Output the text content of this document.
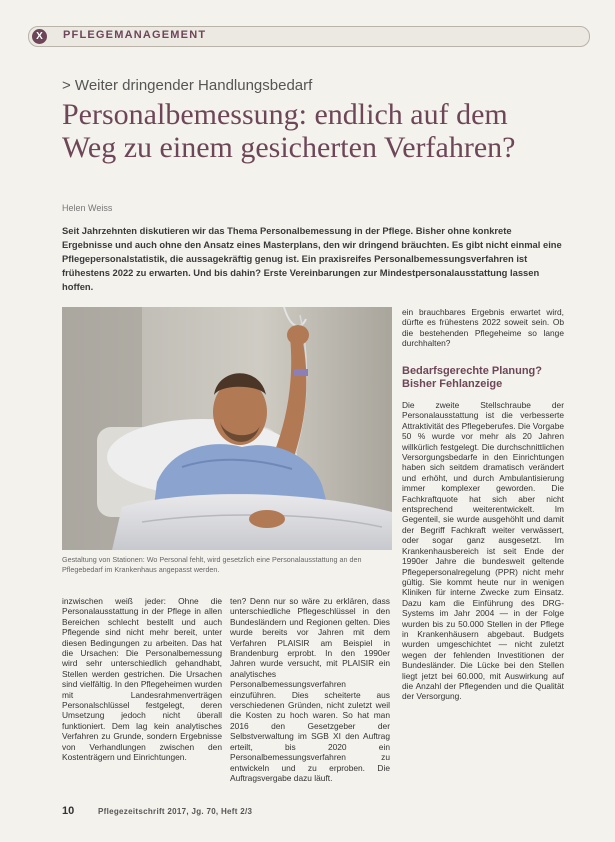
X	PFLEGEMANAGEMENT
> Weiter dringender Handlungsbedarf
Personalbemessung: endlich auf dem Weg zu einem gesicherten Verfahren?
Helen Weiss

Seit Jahrzehnten diskutieren wir das Thema Personalbemessung in der Pflege. Bisher ohne konkrete Ergebnisse und auch ohne den Ansatz eines Masterplans, den wir dringend bräuchten. Es gibt nicht einmal eine Pflegepersonalstatistik, die aussagekräftig genug ist. Ein praxisreifes Personalbemessungsverfahren ist frühestens 2022 zu erwarten. Und bis dahin? Erste Vereinbarungen zur Mindestpersonalausstattung lassen hoffen.

Gestaltung von Stationen: Wo Personal fehlt, wird gesetzlich eine Personalausstattung an den Pflegebedarf im Krankenhaus angepasst werden.

inzwischen weiß jeder: Ohne die Personalausstattung in der Pflege in allen Bereichen schlecht bestellt und auch Pflegende sind nicht mehr bereit, unter diesen Bedingungen zu arbeiten. Das hat die Ursachen: Die Personalbemessung wird sehr unterschiedlich gehandhabt, Stellen werden gestrichen. Die Ursachen sind vielfältig. In den Pflegeheimen wurden mit Landesrahmenverträgen Personalschlüssel festgelegt, deren Umsetzung jedoch nicht überall funktioniert. Dem lag kein analytisches Verfahren zu Grunde, sondern Ergebnisse von Verhandlungen zwischen den Kostenträgern und Einrichtungen.

ten? Denn nur so wäre zu erklären, dass unterschiedliche Pflegeschlüssel in den Bundesländern und Regionen gelten. Dies wurde bereits vor Jahren mit dem Verfahren PLAISIR am Beispiel in Brandenburg erprobt. In den 1990er Jahren wurde versucht, mit PLAISIR ein analytisches Personalbemessungsverfahren einzuführen. Dies scheiterte aus verschiedenen Gründen, nicht zuletzt weil die Kosten zu hoch waren. So hat man 2016 den Gesetzgeber der Selbstverwaltung im SGB XI den Auftrag erteilt, bis 2020 ein Personalbemessungsverfahren zu entwickeln und zu erproben. Die Auftragsvergabe dazu läuft.

ein brauchbares Ergebnis erwartet wird, dürfte es frühestens 2022 soweit sein. Ob die bestehenden Pflegeheime so lange durchhalten?

Bedarfsgerechte Planung? Bisher Fehlanzeige

Die zweite Stellschraube der Personalausstattung ist die verbesserte Attraktivität des Pflegeberufes. Die Vorgabe 50 % wurde vor mehr als 20 Jahren willkürlich festgelegt. Die durchschnittlichen Versorgungsbedarfe in den Einrichtungen haben sich seitdem dramatisch verändert und erhöht, und durch Ambulantisierung immer komplexer geworden. Die Fachkraftquote hat sich aber nicht entsprechend weiterentwickelt. Im Gegenteil, sie wurde ausgehöhlt und damit der Begriff Fachkraft weiter verwässert, oder sogar ganz ausgesetzt. Im Krankenhausbereich ist seit Ende der 1990er Jahre die bundesweit geltende Pflegepersonalregelung (PPR) nicht mehr gültig. Sie kommt heute nur in wenigen Kliniken für interne Zwecke zum Einsatz. Dazu kam die Einführung des DRG-Systems im Jahr 2004 — in der Folge wurden bis zu 50.000 Stellen in der Pflege in Krankenhäusern abgebaut. Budgets wurden umgeschichtet — nicht zuletzt wegen der fehlenden Investitionen der Bundesländer. Die Lücke bei den Stellen liegt jetzt bei 60.000, mit Auswirkung auf die Anzahl der Pflegenden und die Qualität der Versorgung.

10	Pflegezeitschrift 2017, Jg. 70, Heft 2/3
